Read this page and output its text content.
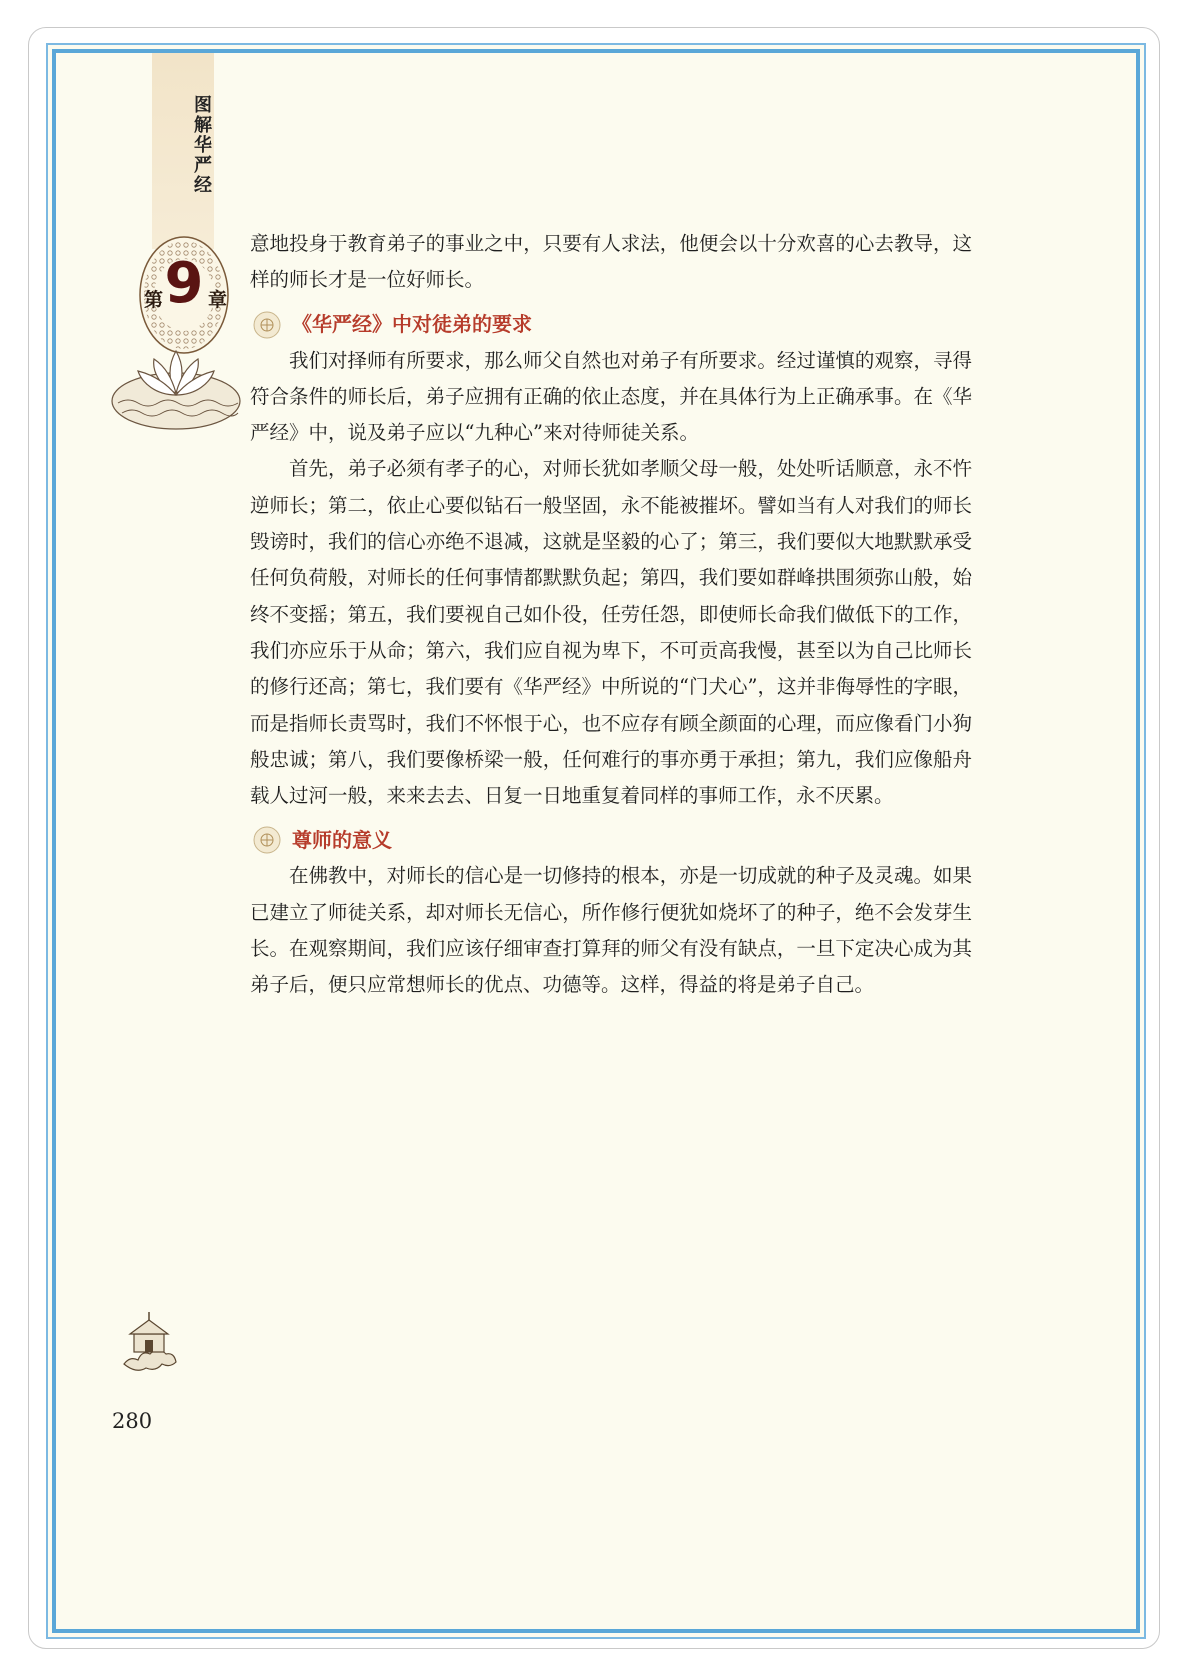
图解华严经
第 9 章

意地投身于教育弟子的事业之中，只要有人求法，他便会以十分欢喜的心去教导，这样的师长才是一位好师长。

《华严经》中对徒弟的要求

我们对择师有所要求，那么师父自然也对弟子有所要求。经过谨慎的观察，寻得符合条件的师长后，弟子应拥有正确的依止态度，并在具体行为上正确承事。在《华严经》中，说及弟子应以“九种心”来对待师徒关系。

首先，弟子必须有孝子的心，对师长犹如孝顺父母一般，处处听话顺意，永不忤逆师长；第二，依止心要似钻石一般坚固，永不能被摧坏。譬如当有人对我们的师长毁谤时，我们的信心亦绝不退减，这就是坚毅的心了；第三，我们要似大地默默承受任何负荷般，对师长的任何事情都默默负起；第四，我们要如群峰拱围须弥山般，始终不变摇；第五，我们要视自己如仆役，任劳任怨，即使师长命我们做低下的工作，我们亦应乐于从命；第六，我们应自视为卑下，不可贡高我慢，甚至以为自己比师长的修行还高；第七，我们要有《华严经》中所说的“门犬心”，这并非侮辱性的字眼，而是指师长责骂时，我们不怀恨于心，也不应存有顾全颜面的心理，而应像看门小狗般忠诚；第八，我们要像桥梁一般，任何难行的事亦勇于承担；第九，我们应像船舟载人过河一般，来来去去、日复一日地重复着同样的事师工作，永不厌累。

尊师的意义

在佛教中，对师长的信心是一切修持的根本，亦是一切成就的种子及灵魂。如果已建立了师徒关系，却对师长无信心，所作修行便犹如烧坏了的种子，绝不会发芽生长。在观察期间，我们应该仔细审查打算拜的师父有没有缺点，一旦下定决心成为其弟子后，便只应常想师长的优点、功德等。这样，得益的将是弟子自己。

280
